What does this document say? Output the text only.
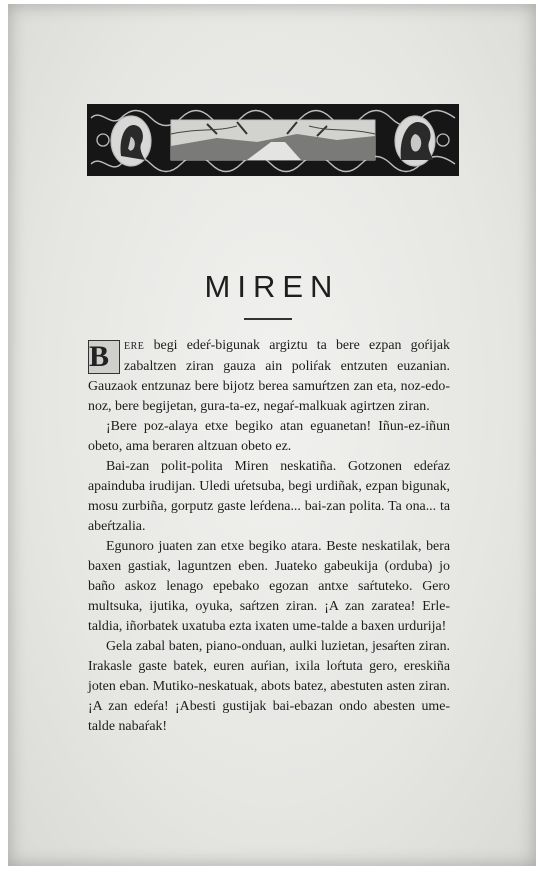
MIREN

B	ERE begi edeŕ-bigunak argiztu ta bere ezpan goŕijak zabaltzen ziran gauza ain poliŕak entzuten euzanian. Gauzaok entzunaz bere bijotz berea samuŕtzen zan eta, noz-edo-noz, bere begijetan, gura-ta-ez, negaŕ-malkuak agirtzen ziran.

¡Bere poz-alaya etxe begiko atan eguanetan! Iñun-ez-iñun obeto, ama beraren altzuan obeto ez.

Bai-zan polit-polita Miren neskatiña. Gotzonen edeŕaz apainduba irudijan. Uledi uŕetsuba, begi urdiñak, ezpan bigunak, mosu zurbiña, gorputz gaste leŕdena... bai-zan polita. Ta ona... ta abeŕtzalia.

Egunoro juaten zan etxe begiko atara. Beste neskatilak, bera baxen gastiak, laguntzen eben. Juateko gabeukija (orduba) jo baño askoz lenago epebako egozan antxe saŕtuteko. Gero multsuka, ijutika, oyuka, saŕtzen ziran. ¡A zan zaratea! Erle-taldia, iñorbatek uxatuba ezta ixaten ume-talde a baxen urdurija!

Gela zabal baten, piano-onduan, aulki luzietan, jesaŕten ziran. Irakasle gaste batek, euren auŕian, ixila loŕtuta gero, ereskiña joten eban. Mutiko-neskatuak, abots batez, abestuten asten ziran. ¡A zan edeŕa! ¡Abesti gustijak bai-ebazan ondo abesten ume-talde nabaŕak!
